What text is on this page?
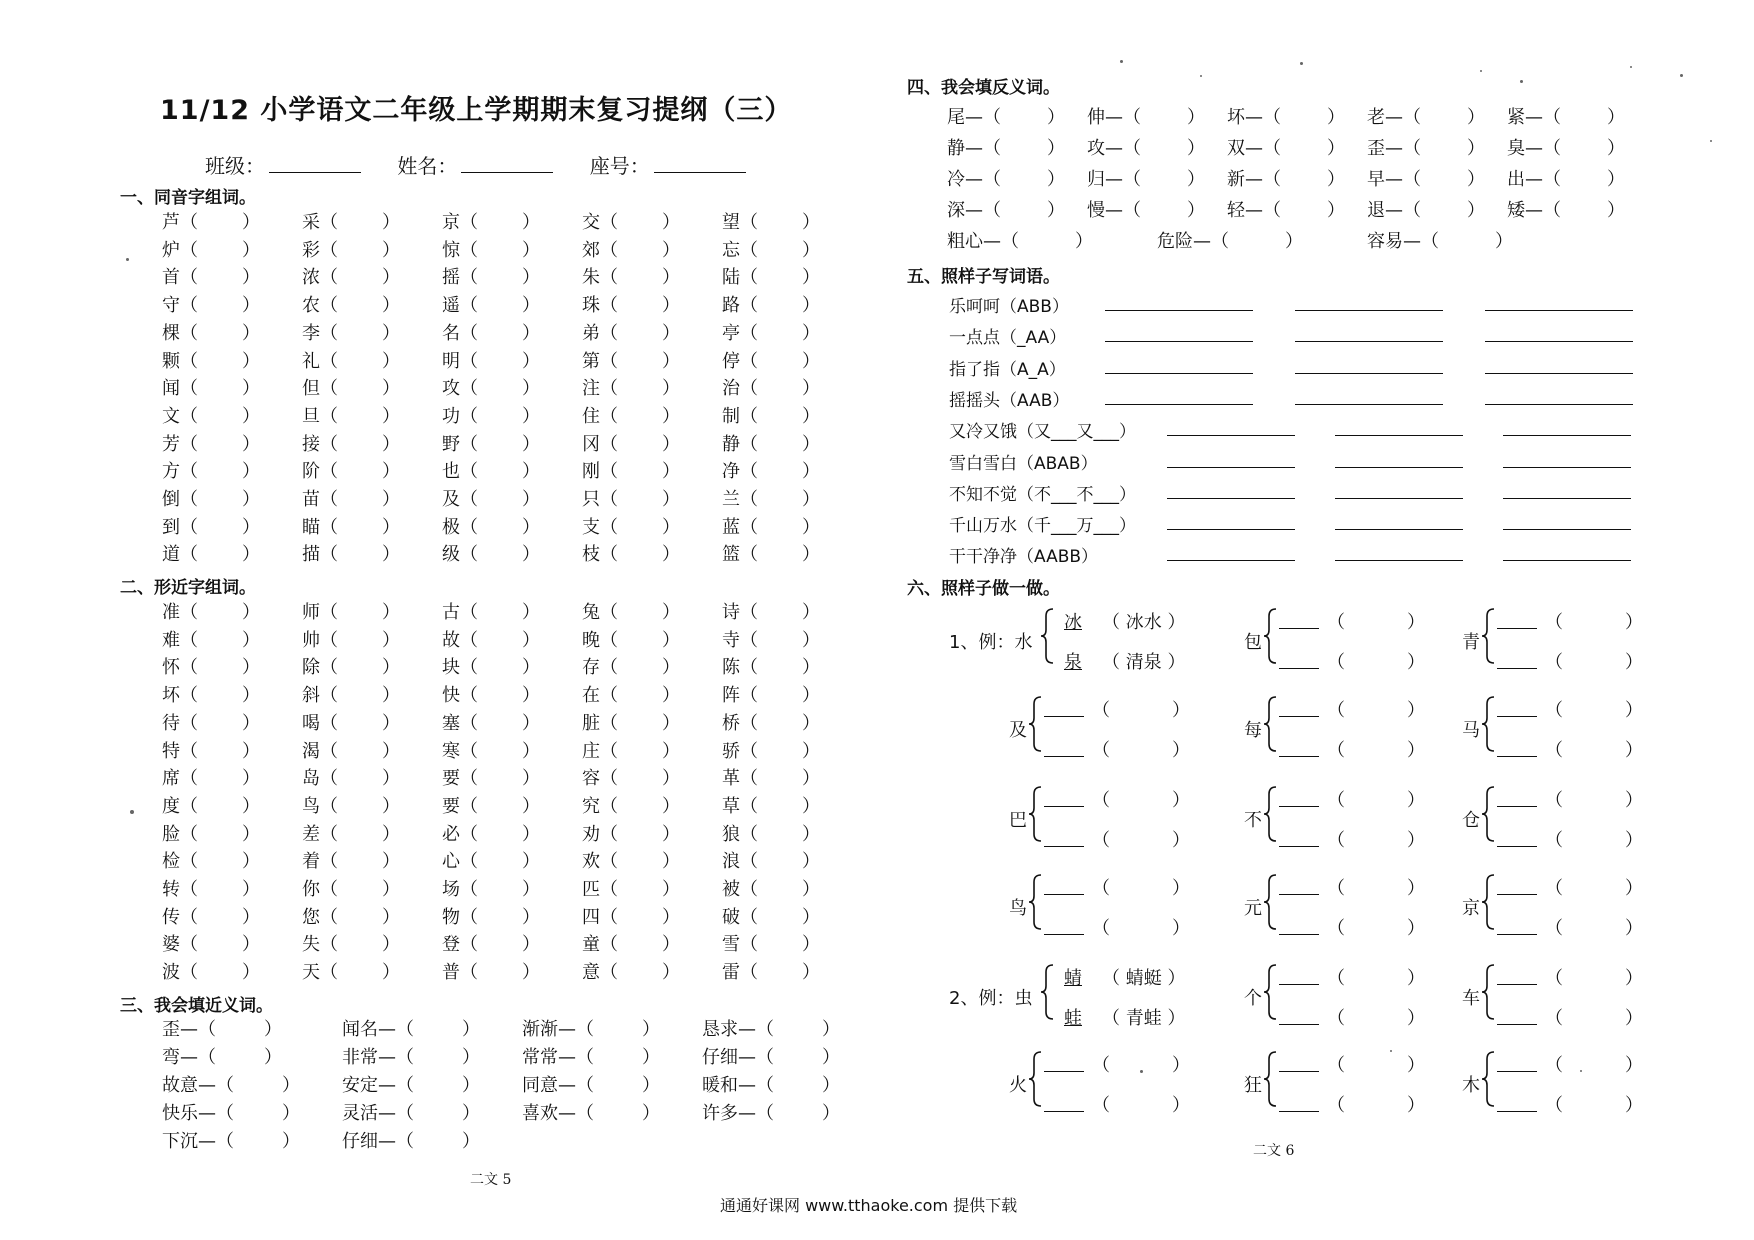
11/12 小学语文二年级上学期期末复习提纲（三）
班级：	姓名：	座号：
一、同音字组词。
芦（ ） 采（ ） 京（ ） 交（ ） 望（ ）
炉（ ） 彩（ ） 惊（ ） 郊（ ） 忘（ ）
首（ ） 浓（ ） 摇（ ） 朱（ ） 陆（ ）
守（ ） 农（ ） 遥（ ） 珠（ ） 路（ ）
棵（ ） 李（ ） 名（ ） 弟（ ） 亭（ ）
颗（ ） 礼（ ） 明（ ） 第（ ） 停（ ）
闻（ ） 但（ ） 攻（ ） 注（ ） 治（ ）
文（ ） 旦（ ） 功（ ） 住（ ） 制（ ）
芳（ ） 接（ ） 野（ ） 冈（ ） 静（ ）
方（ ） 阶（ ） 也（ ） 刚（ ） 净（ ）
倒（ ） 苗（ ） 及（ ） 只（ ） 兰（ ）
到（ ） 瞄（ ） 极（ ） 支（ ） 蓝（ ）
道（ ） 描（ ） 级（ ） 枝（ ） 篮（ ）
二、形近字组词。
准（ ） 师（ ） 古（ ） 兔（ ） 诗（ ）
难（ ） 帅（ ） 故（ ） 晚（ ） 寺（ ）
怀（ ） 除（ ） 块（ ） 存（ ） 陈（ ）
坏（ ） 斜（ ） 快（ ） 在（ ） 阵（ ）
待（ ） 喝（ ） 塞（ ） 脏（ ） 桥（ ）
特（ ） 渴（ ） 寒（ ） 庄（ ） 骄（ ）
席（ ） 岛（ ） 要（ ） 容（ ） 革（ ）
度（ ） 鸟（ ） 要（ ） 究（ ） 草（ ）
脸（ ） 差（ ） 必（ ） 劝（ ） 狼（ ）
检（ ） 着（ ） 心（ ） 欢（ ） 浪（ ）
转（ ） 你（ ） 场（ ） 匹（ ） 被（ ）
传（ ） 您（ ） 物（ ） 四（ ） 破（ ）
婆（ ） 失（ ） 登（ ） 童（ ） 雪（ ）
波（ ） 天（ ） 普（ ） 意（ ） 雷（ ）
三、我会填近义词。
歪—（	）	闻名—（	） 渐渐—（	） 恳求—（	）
弯—（	）	非常—（	） 常常—（	） 仔细—（	）
故意—（	） 安定—（	） 同意—（	） 暖和—（	）
快乐—（	） 灵活—（	） 喜欢—（	） 许多—（	）
下沉—（	） 仔细—（	）
二文 5
四、我会填反义词。
尾—（	） 伸—（	） 坏—（	） 老—（	） 紧—（	）
静—（	） 攻—（	） 双—（	） 歪—（	） 臭—（	）
冷—（	） 归—（	） 新—（	） 早—（	） 出—（	）
深—（	） 慢—（	） 轻—（	） 退—（	） 矮—（	）
粗心—（	）	危险—（	）	容易—（	）
五、照样子写词语。
乐呵呵（ABB）
一点点（_AA）
指了指（A_A）
摇摇头（AAB）
又冷又饿（又___又___）
雪白雪白（ABAB）
不知不觉（不___不___）
千山万水（千___万___）
干干净净（AABB）
六、照样子做一做。
1、例：水
冰 （ 冰水 ）
泉 （ 清泉 ）
包
（	）
（	）
青
（	）
（	）
及
（	）
（	）
每
（	）
（	）
马
（	）
（	）
巴
（	）
（	）
不
（	）
（	）
仓
（	）
（	）
鸟
（	）
（	）
元
（	）
（	）
京
（	）
（	）
2、例：虫
蜻 （ 蜻蜓 ）
蛙 （ 青蛙 ）
个
（	）
（	）
车
（	）
（	）
火
（	）
（	）
狂
（	）
（	）
木
（	）
（	）
二文 6
通通好课网 www.tthaoke.com 提供下载
